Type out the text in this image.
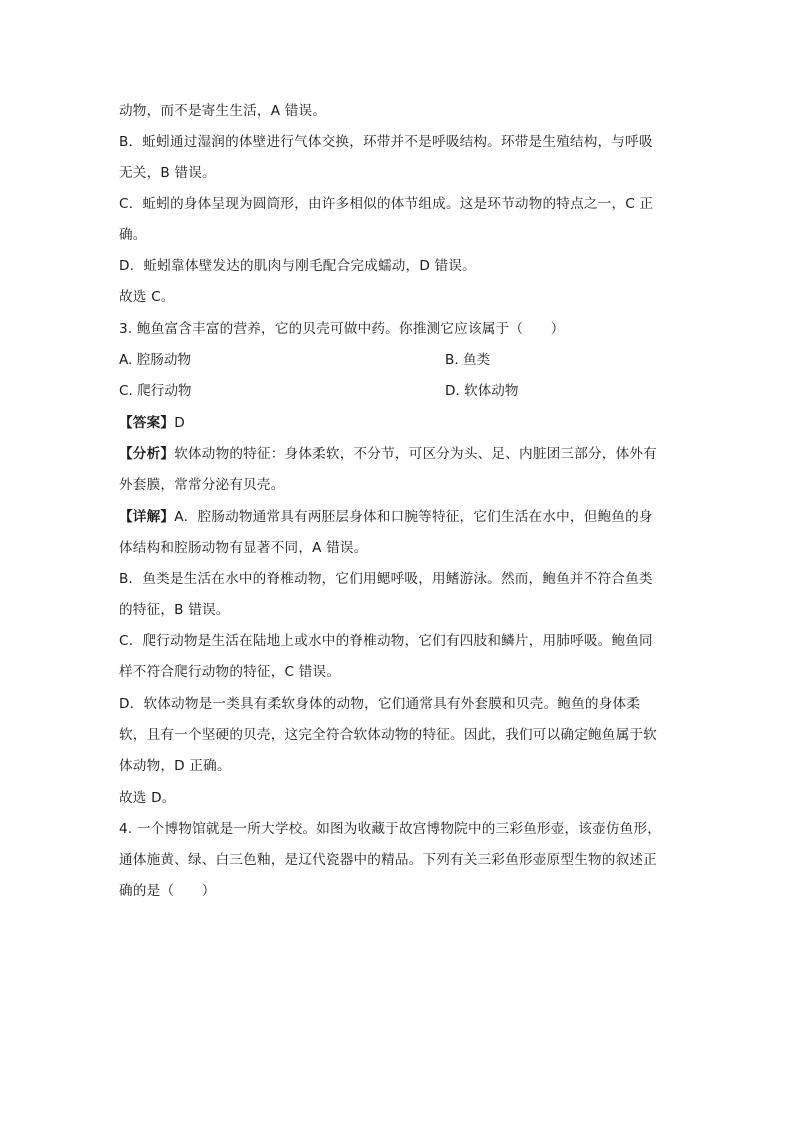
动物，而不是寄生生活，A 错误。
B．蚯蚓通过湿润的体壁进行气体交换，环带并不是呼吸结构。环带是生殖结构，与呼吸
无关，B 错误。
C．蚯蚓的身体呈现为圆筒形，由许多相似的体节组成。这是环节动物的特点之一，C 正
确。
D．蚯蚓靠体壁发达的肌肉与刚毛配合完成蠕动，D 错误。
故选 C。
3. 鲍鱼富含丰富的营养，它的贝壳可做中药。你推测它应该属于（　　）
A. 腔肠动物	B. 鱼类
C. 爬行动物	D. 软体动物
【答案】D
【分析】软体动物的特征：身体柔软，不分节，可区分为头、足、内脏团三部分，体外有
外套膜，常常分泌有贝壳。
【详解】A．腔肠动物通常具有两胚层身体和口腕等特征，它们生活在水中，但鲍鱼的身
体结构和腔肠动物有显著不同，A 错误。
B．鱼类是生活在水中的脊椎动物，它们用鳃呼吸，用鳍游泳。然而，鲍鱼并不符合鱼类
的特征，B 错误。
C．爬行动物是生活在陆地上或水中的脊椎动物，它们有四肢和鳞片，用肺呼吸。鲍鱼同
样不符合爬行动物的特征，C 错误。
D．软体动物是一类具有柔软身体的动物，它们通常具有外套膜和贝壳。鲍鱼的身体柔
软，且有一个坚硬的贝壳，这完全符合软体动物的特征。因此，我们可以确定鲍鱼属于软
体动物，D 正确。
故选 D。
4. 一个博物馆就是一所大学校。如图为收藏于故宫博物院中的三彩鱼形壶，该壶仿鱼形，
通体施黄、绿、白三色釉，是辽代瓷器中的精品。下列有关三彩鱼形壶原型生物的叙述正
确的是（　　）
